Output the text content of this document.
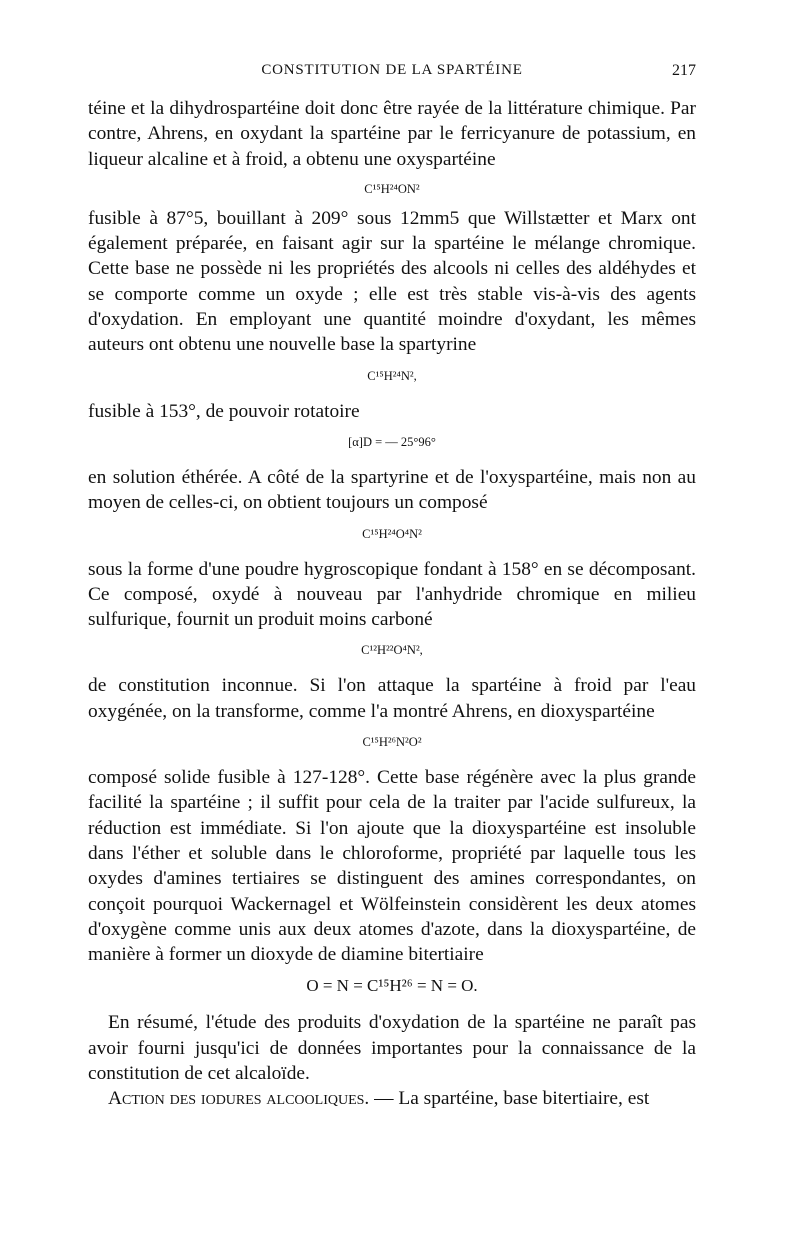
CONSTITUTION DE LA SPARTÉINE	217

téine et la dihydrospartéine doit donc être rayée de la littérature chimique. Par contre, Ahrens, en oxydant la spartéine par le ferricyanure de potassium, en liqueur alcaline et à froid, a obtenu une oxyspartéine

C¹⁵H²⁴ON²

fusible à 87°5, bouillant à 209° sous 12mm5 que Willstætter et Marx ont également préparée, en faisant agir sur la spartéine le mélange chromique. Cette base ne possède ni les propriétés des alcools ni celles des aldéhydes et se comporte comme un oxyde ; elle est très stable vis-à-vis des agents d'oxydation. En employant une quantité moindre d'oxydant, les mêmes auteurs ont obtenu une nouvelle base la spartyrine

C¹⁵H²⁴N²,

fusible à 153°, de pouvoir rotatoire

[α]D = — 25°96°

en solution éthérée. A côté de la spartyrine et de l'oxyspartéine, mais non au moyen de celles-ci, on obtient toujours un composé

C¹⁵H²⁴O⁴N²

sous la forme d'une poudre hygroscopique fondant à 158° en se décomposant. Ce composé, oxydé à nouveau par l'anhydride chromique en milieu sulfurique, fournit un produit moins carboné

C¹²H²²O⁴N²,

de constitution inconnue. Si l'on attaque la spartéine à froid par l'eau oxygénée, on la transforme, comme l'a montré Ahrens, en dioxyspartéine

C¹⁵H²⁶N²O²

composé solide fusible à 127-128°. Cette base régénère avec la plus grande facilité la spartéine ; il suffit pour cela de la traiter par l'acide sulfureux, la réduction est immédiate. Si l'on ajoute que la dioxyspartéine est insoluble dans l'éther et soluble dans le chloroforme, propriété par laquelle tous les oxydes d'amines tertiaires se distinguent des amines correspondantes, on conçoit pourquoi Wackernagel et Wölfeinstein considèrent les deux atomes d'oxygène comme unis aux deux atomes d'azote, dans la dioxyspartéine, de manière à former un dioxyde de diamine bitertiaire

O = N = C¹⁵H²⁶ = N = O.

En résumé, l'étude des produits d'oxydation de la spartéine ne paraît pas avoir fourni jusqu'ici de données importantes pour la connaissance de la constitution de cet alcaloïde.

Action des iodures alcooliques. — La spartéine, base bitertiaire, est
